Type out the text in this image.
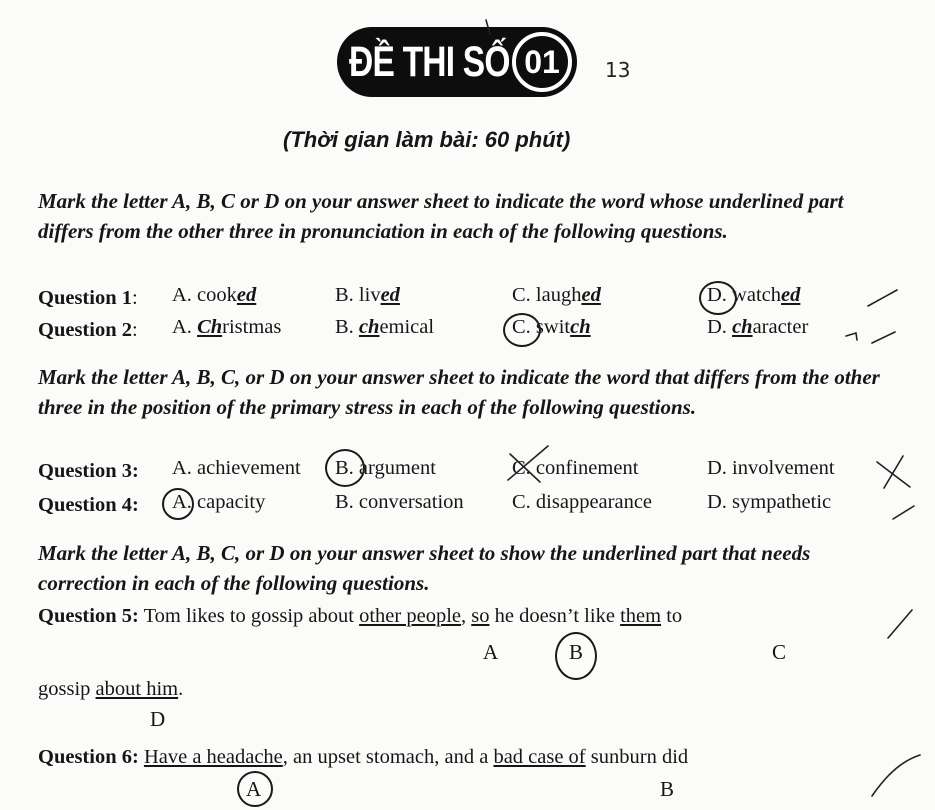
ĐỀ THI SỐ 01	13
(Thời gian làm bài: 60 phút)
Mark the letter A, B, C or D on your answer sheet to indicate the word whose underlined part differs from the other three in pronunciation in each of the following questions.
Question 1: A. cooked	B. lived	C. laughed	D. watched
Question 2: A. Christmas	B. chemical	C. switch	D. character
Mark the letter A, B, C, or D on your answer sheet to indicate the word that differs from the other three in the position of the primary stress in each of the following questions.
Question 3: A. achievement B. argument	C. confinement	D. involvement
Question 4: A. capacity	B. conversation C. disappearance	D. sympathetic
Mark the letter A, B, C, or D on your answer sheet to show the underlined part that needs correction in each of the following questions.
Question 5: Tom likes to gossip about other people, so he doesn’t like them to
A	B	C
gossip about him.
D
Question 6: Have a headache, an upset stomach, and a bad case of sunburn did
A	B
